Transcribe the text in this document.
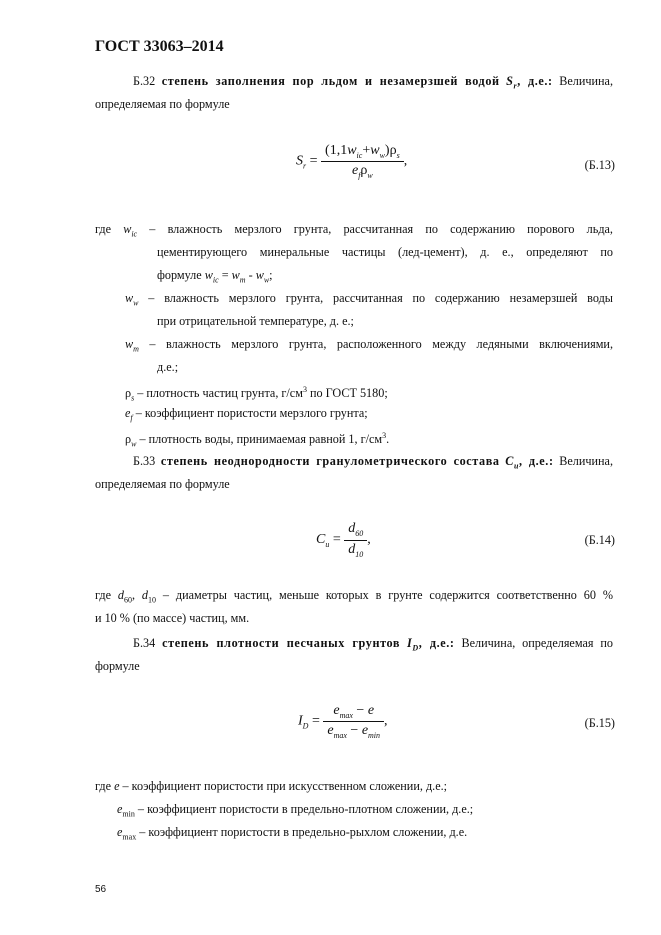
ГОСТ 33063–2014
Б.32 степень заполнения пор льдом и незамерзшей водой $S_r$, д.е.: Величина,
определяемая по формуле
$S_r = \frac{(1,1w_{ic}+w_w)\rho_s}{e_f\rho_w}$ ,	(Б.13)
где $w_{ic}$ – влажность мерзлого грунта, рассчитанная по содержанию порового льда,
цементирующего минеральные частицы (лед-цемент), д. е., определяют по
формуле $w_{ic} = w_m - w_w$;
$w_w$ – влажность мерзлого грунта, рассчитанная по содержанию незамерзшей воды
при отрицательной температуре, д. е.;
$w_m$ – влажность мерзлого грунта, расположенного между ледяными включениями,
д.е.;
$\rho_s$ – плотность частиц грунта, $г/см^3$ по ГОСТ 5180;
$e_f$ – коэффициент пористости мерзлого грунта;
$\rho_w$ – плотность воды, принимаемая равной 1, $г/см^3$.
Б.33 степень неоднородности гранулометрического состава $C_u$, д.е.: Величина,
определяемая по формуле
$C_u = \frac{d_{60}}{d_{10}}$ ,	(Б.14)
где $d_{60}$, $d_{10}$ – диаметры частиц, меньше которых в грунте содержится соответственно 60 %
и 10 % (по массе) частиц, мм.
Б.34 степень плотности песчаных грунтов $I_D$, д.е.: Величина, определяемая по
формуле
$I_D = \frac{e_{max} - e}{e_{max} - e_{min}}$ ,	(Б.15)
где e – коэффициент пористости при искусственном сложении, д.е.;
$e_{min}$ – коэффициент пористости в предельно-плотном сложении, д.е.;
$e_{max}$ – коэффициент пористости в предельно-рыхлом сложении, д.е.
56
